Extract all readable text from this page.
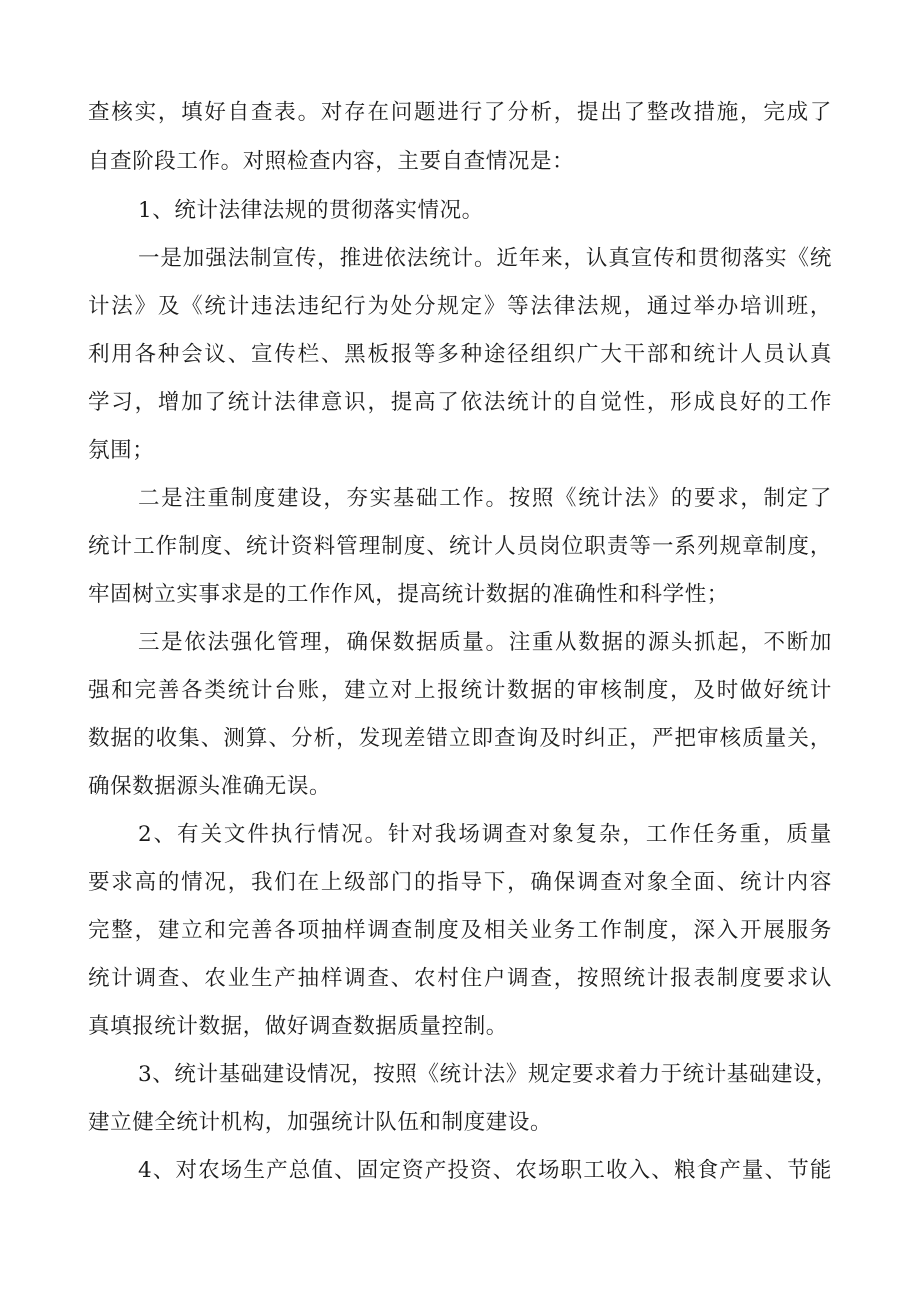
查核实，填好自查表。对存在问题进行了分析，提出了整改措施，完成了
自查阶段工作。对照检查内容，主要自查情况是：
1、统计法律法规的贯彻落实情况。
一是加强法制宣传，推进依法统计。近年来，认真宣传和贯彻落实《统
计法》及《统计违法违纪行为处分规定》等法律法规，通过举办培训班，
利用各种会议、宣传栏、黑板报等多种途径组织广大干部和统计人员认真
学习，增加了统计法律意识，提高了依法统计的自觉性，形成良好的工作
氛围；
二是注重制度建设，夯实基础工作。按照《统计法》的要求，制定了
统计工作制度、统计资料管理制度、统计人员岗位职责等一系列规章制度，
牢固树立实事求是的工作作风，提高统计数据的准确性和科学性；
三是依法强化管理，确保数据质量。注重从数据的源头抓起，不断加
强和完善各类统计台账，建立对上报统计数据的审核制度，及时做好统计
数据的收集、测算、分析，发现差错立即查询及时纠正，严把审核质量关，
确保数据源头准确无误。
2、有关文件执行情况。针对我场调查对象复杂，工作任务重，质量
要求高的情况，我们在上级部门的指导下，确保调查对象全面、统计内容
完整，建立和完善各项抽样调查制度及相关业务工作制度，深入开展服务
统计调查、农业生产抽样调查、农村住户调查，按照统计报表制度要求认
真填报统计数据，做好调查数据质量控制。
3、统计基础建设情况，按照《统计法》规定要求着力于统计基础建设，
建立健全统计机构，加强统计队伍和制度建设。
4、对农场生产总值、固定资产投资、农场职工收入、粮食产量、节能
